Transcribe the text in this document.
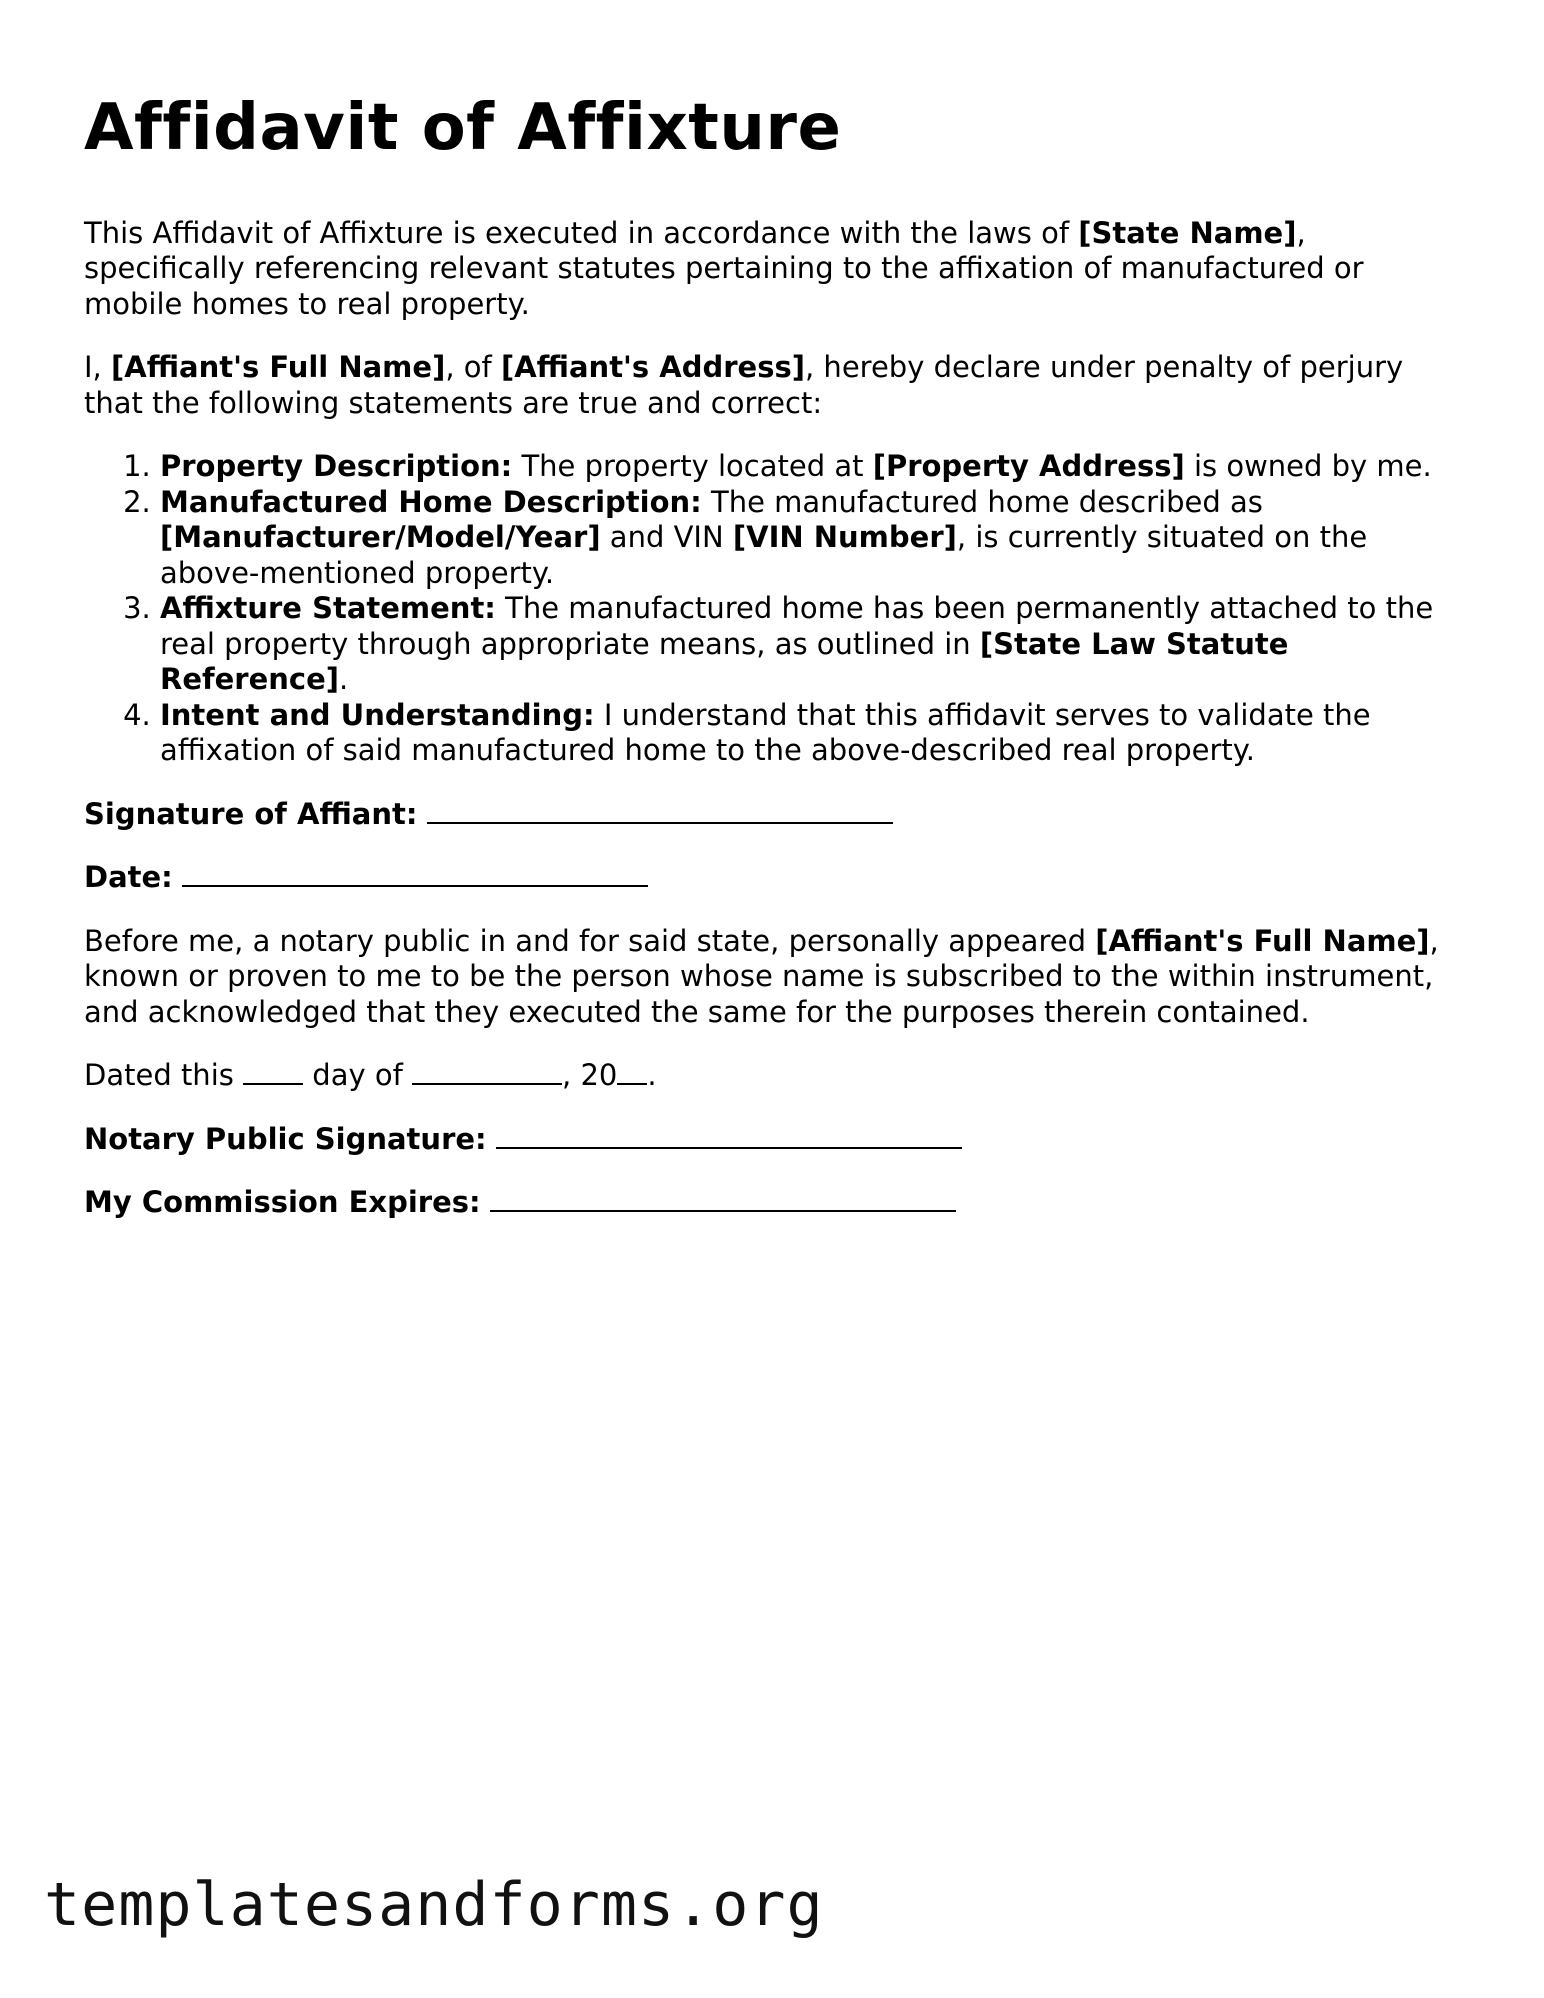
Affidavit of Affixture

This Affidavit of Affixture is executed in accordance with the laws of [State Name], specifically referencing relevant statutes pertaining to the affixation of manufactured or mobile homes to real property.

I, [Affiant's Full Name], of [Affiant's Address], hereby declare under penalty of perjury that the following statements are true and correct:

1. Property Description: The property located at [Property Address] is owned by me.
2. Manufactured Home Description: The manufactured home described as [Manufacturer/Model/Year] and VIN [VIN Number], is currently situated on the above-mentioned property.
3. Affixture Statement: The manufactured home has been permanently attached to the real property through appropriate means, as outlined in [State Law Statute Reference].
4. Intent and Understanding: I understand that this affidavit serves to validate the affixation of said manufactured home to the above-described real property.

Signature of Affiant:

Date:

Before me, a notary public in and for said state, personally appeared [Affiant's Full Name], known or proven to me to be the person whose name is subscribed to the within instrument, and acknowledged that they executed the same for the purposes therein contained.

Dated this  day of	, 20 .

Notary Public Signature:

My Commission Expires:

templatesandforms.org
